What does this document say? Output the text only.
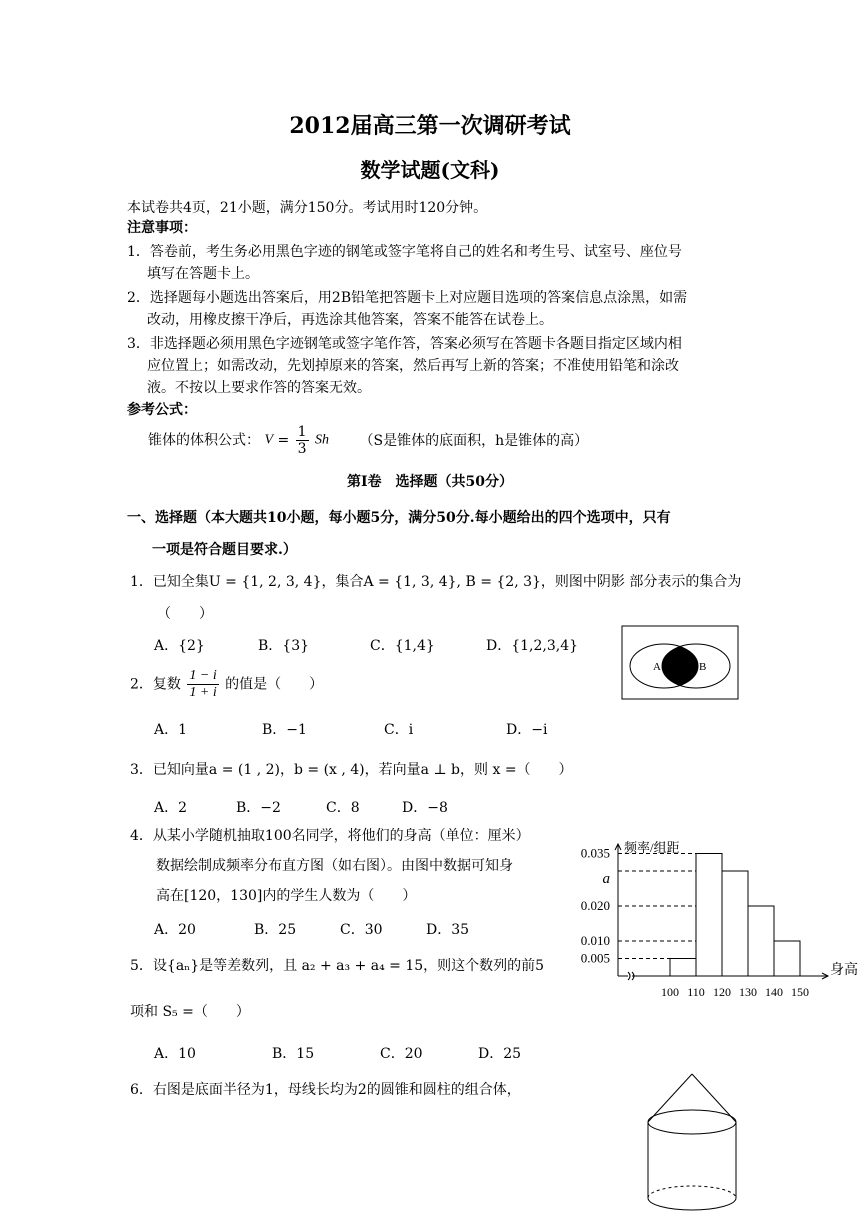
2012届高三第一次调研考试
数学试题(文科)
本试卷共4页，21小题，满分150分。考试用时120分钟。
注意事项：
1．答卷前，考生务必用黑色字迹的钢笔或签字笔将自己的姓名和考生号、试室号、座位号
填写在答题卡上。
2．选择题每小题选出答案后，用2B铅笔把答题卡上对应题目选项的答案信息点涂黑，如需
改动，用橡皮擦干净后，再选涂其他答案，答案不能答在试卷上。
3．非选择题必须用黑色字迹钢笔或签字笔作答，答案必须写在答题卡各题目指定区域内相
应位置上；如需改动，先划掉原来的答案，然后再写上新的答案；不准使用铅笔和涂改
液。不按以上要求作答的答案无效。
参考公式：
锥体的体积公式： $V = \frac{1}{3}$ Sh （S是锥体的底面积，h是锥体的高）
第Ⅰ卷　选择题（共50分）
一、选择题（本大题共10小题，每小题5分，满分50分.每小题给出的四个选项中，只有
一项是符合题目要求.）
1．已知全集U = {1, 2, 3, 4}，集合A = {1, 3, 4}, B = {2, 3}，则图中阴影 部分表示的集合为
（　　）
A．{2}	B．{3}	C．{1,4}	D．{1,2,3,4}
A	B
2．复数 $\frac{1 - i}{1 + i}$ 的值是（　　）
A．1	B．−1	C．i	D．−i
3．已知向量a = (1 , 2)，b = (x , 4)，若向量a ⊥ b，则 x =（　　）
A．2	B．−2	C．8	D．−8
4．从某小学随机抽取100名同学，将他们的身高（单位：厘米）
数据绘制成频率分布直方图（如右图）。由图中数据可知身
高在[120，130]内的学生人数为（　　）
A．20	B．25	C．30	D．35
0.035
a
0.020
0.010
0.005
100 110 120 130 140 150
频率/组距
身高
5．设{aₙ}是等差数列，且 a₂ + a₃ + a₄ = 15，则这个数列的前5
项和 S₅ =（　　）
A．10	B．15	C．20	D．25
6．右图是底面半径为1，母线长均为2的圆锥和圆柱的组合体，
